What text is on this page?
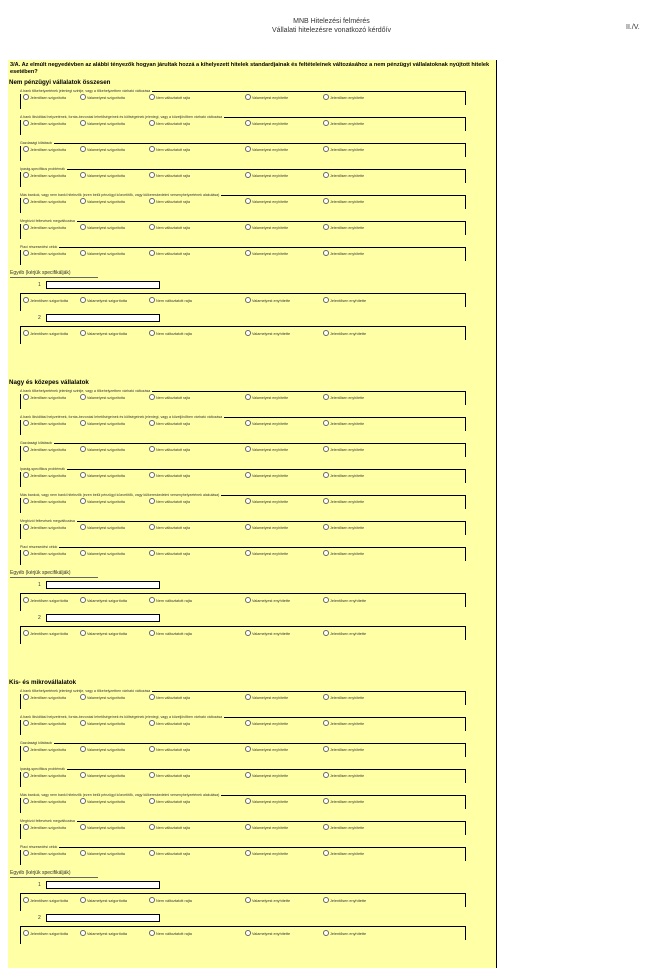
MNB Hitelezési felmérés
Vállalati hitelezésre vonatkozó kérdőív	II./V.
3/A. Az elmúlt negyedévben az alábbi tényezők hogyan járultak hozzá a kihelyezett hitelek standardjainak és feltételeinek változásához a nem pénzügyi vállalatoknak nyújtott hitelek esetében?
Nem pénzügyi vállalatok összesen
A bank tőkehelyzetének jelenlegi szintje, vagy a tőkehelyzetben várható változása
Jelentősen szigorította	Valamelyest szigorította	Nem változtatott rajta	Valamelyest enyhítette	Jelentősen enyhítette
A bank likviditási helyzetének, forrás-bevonási lehetőségeinek és költségeinek jelenlegi, vagy a közeljövőben várható változása
Jelentősen szigorította	Valamelyest szigorította	Nem változtatott rajta	Valamelyest enyhítette	Jelentősen enyhítette
Gazdasági kilátások
Jelentősen szigorította	Valamelyest szigorította	Nem változtatott rajta	Valamelyest enyhítette	Jelentősen enyhítette
Iparág-specifikus problémák
Jelentősen szigorította	Valamelyest szigorította	Nem változtatott rajta	Valamelyest enyhítette	Jelentősen enyhítette
Más bankok, vagy nem banki hitelezők (ezen belül pénzügyi közvetítők, vagy külkereskedelmi versenyhelyzetének alakulása)
Jelentősen szigorította	Valamelyest szigorította	Nem változtatott rajta	Valamelyest enyhítette	Jelentősen enyhítette
Megbízói feltevések megváltozása
Jelentősen szigorította	Valamelyest szigorította	Nem változtatott rajta	Valamelyest enyhítette	Jelentősen enyhítette
Piaci részesedési célok
Jelentősen szigorította	Valamelyest szigorította	Nem változtatott rajta	Valamelyest enyhítette	Jelentősen enyhítette
Egyéb (kérjük specifikálják)
1
Jelentősen szigorította	Valamelyest szigorította	Nem változtatott rajta	Valamelyest enyhítette	Jelentősen enyhítette
2
Jelentősen szigorította	Valamelyest szigorította	Nem változtatott rajta	Valamelyest enyhítette	Jelentősen enyhítette
Nagy és közepes vállalatok
A bank tőkehelyzetének jelenlegi szintje, vagy a tőkehelyzetben várható változása
Jelentősen szigorította	Valamelyest szigorította	Nem változtatott rajta	Valamelyest enyhítette	Jelentősen enyhítette
A bank likviditási helyzetének, forrás-bevonási lehetőségeinek és költségeinek jelenlegi, vagy a közeljövőben várható változása
Jelentősen szigorította	Valamelyest szigorította	Nem változtatott rajta	Valamelyest enyhítette	Jelentősen enyhítette
Gazdasági kilátások
Jelentősen szigorította	Valamelyest szigorította	Nem változtatott rajta	Valamelyest enyhítette	Jelentősen enyhítette
Iparág-specifikus problémák
Jelentősen szigorította	Valamelyest szigorította	Nem változtatott rajta	Valamelyest enyhítette	Jelentősen enyhítette
Más bankok, vagy nem banki hitelezők (ezen belül pénzügyi közvetítők, vagy külkereskedelmi versenyhelyzetének alakulása)
Jelentősen szigorította	Valamelyest szigorította	Nem változtatott rajta	Valamelyest enyhítette	Jelentősen enyhítette
Megbízói feltevések megváltozása
Jelentősen szigorította	Valamelyest szigorította	Nem változtatott rajta	Valamelyest enyhítette	Jelentősen enyhítette
Piaci részesedési célok
Jelentősen szigorította	Valamelyest szigorította	Nem változtatott rajta	Valamelyest enyhítette	Jelentősen enyhítette
Egyéb (kérjük specifikálják)
1
Jelentősen szigorította	Valamelyest szigorította	Nem változtatott rajta	Valamelyest enyhítette	Jelentősen enyhítette
2
Jelentősen szigorította	Valamelyest szigorította	Nem változtatott rajta	Valamelyest enyhítette	Jelentősen enyhítette
Kis- és mikrovállalatok
A bank tőkehelyzetének jelenlegi szintje, vagy a tőkehelyzetben várható változása
Jelentősen szigorította	Valamelyest szigorította	Nem változtatott rajta	Valamelyest enyhítette	Jelentősen enyhítette
A bank likviditási helyzetének, forrás-bevonási lehetőségeinek és költségeinek jelenlegi, vagy a közeljövőben várható változása
Jelentősen szigorította	Valamelyest szigorította	Nem változtatott rajta	Valamelyest enyhítette	Jelentősen enyhítette
Gazdasági kilátások
Jelentősen szigorította	Valamelyest szigorította	Nem változtatott rajta	Valamelyest enyhítette	Jelentősen enyhítette
Iparág-specifikus problémák
Jelentősen szigorította	Valamelyest szigorította	Nem változtatott rajta	Valamelyest enyhítette	Jelentősen enyhítette
Más bankok, vagy nem banki hitelezők (ezen belül pénzügyi közvetítők, vagy külkereskedelmi versenyhelyzetének alakulása)
Jelentősen szigorította	Valamelyest szigorította	Nem változtatott rajta	Valamelyest enyhítette	Jelentősen enyhítette
Megbízói feltevések megváltozása
Jelentősen szigorította	Valamelyest szigorította	Nem változtatott rajta	Valamelyest enyhítette	Jelentősen enyhítette
Piaci részesedési célok
Jelentősen szigorította	Valamelyest szigorította	Nem változtatott rajta	Valamelyest enyhítette	Jelentősen enyhítette
Egyéb (kérjük specifikálják)
1
Jelentősen szigorította	Valamelyest szigorította	Nem változtatott rajta	Valamelyest enyhítette	Jelentősen enyhítette
2
Jelentősen szigorította	Valamelyest szigorította	Nem változtatott rajta	Valamelyest enyhítette	Jelentősen enyhítette
